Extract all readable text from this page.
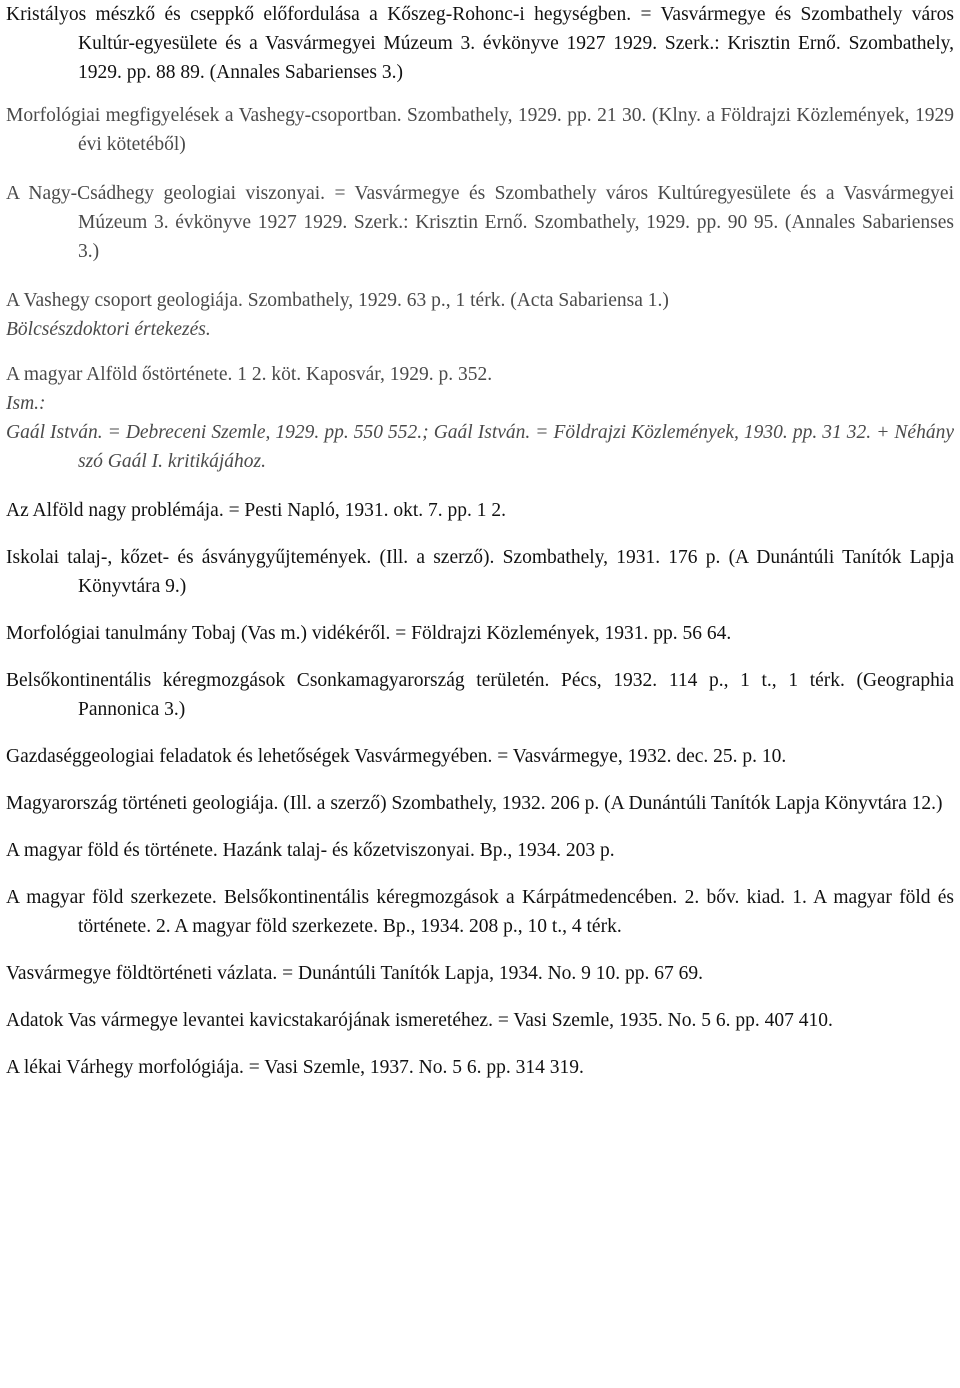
Kristályos mészkő és cseppkő előfordulása a Kőszeg-Rohonc-i hegységben. = Vasvármegye és Szombathely város Kultúr-egyesülete és a Vasvármegyei Múzeum 3. évkönyve 1927 1929. Szerk.: Krisztin Ernő. Szombathely, 1929. pp. 88 89. (Annales Sabarienses 3.)

Morfológiai megfigyelések a Vashegy-csoportban. Szombathely, 1929. pp. 21 30. (Klny. a Földrajzi Közlemények, 1929 évi kötetéből)

A Nagy-Csádhegy geologiai viszonyai. = Vasvármegye és Szombathely város Kultúregyesülete és a Vasvármegyei Múzeum 3. évkönyve 1927 1929. Szerk.: Krisztin Ernő. Szombathely, 1929. pp. 90 95. (Annales Sabarienses 3.)

A Vashegy csoport geologiája. Szombathely, 1929. 63 p., 1 térk. (Acta Sabariensa 1.)
Bölcsészdoktori értekezés.
A magyar Alföld őstörténete. 1 2. köt. Kaposvár, 1929. p. 352.
Ism.:
Gaál István. = Debreceni Szemle, 1929. pp. 550 552.; Gaál István. = Földrajzi Közlemények, 1930. pp. 31 32. + Néhány szó Gaál I. kritikájához.

Az Alföld nagy problémája. = Pesti Napló, 1931. okt. 7. pp. 1 2.

Iskolai talaj-, kőzet- és ásványgyűjtemények. (Ill. a szerző). Szombathely, 1931. 176 p. (A Dunántúli Tanítók Lapja Könyvtára 9.)

Morfológiai tanulmány Tobaj (Vas m.) vidékéről. = Földrajzi Közlemények, 1931. pp. 56 64.

Belsőkontinentális kéregmozgások Csonkamagyarország területén. Pécs, 1932. 114 p., 1 t., 1 térk. (Geographia Pannonica 3.)

Gazdaséggeologiai feladatok és lehetőségek Vasvármegyében. = Vasvármegye, 1932. dec. 25. p. 10.

Magyarország történeti geologiája. (Ill. a szerző) Szombathely, 1932. 206 p. (A Dunántúli Tanítók Lapja Könyvtára 12.)

A magyar föld és története. Hazánk talaj- és kőzetviszonyai. Bp., 1934. 203 p.

A magyar föld szerkezete. Belsőkontinentális kéregmozgások a Kárpátmedencében. 2. bőv. kiad. 1. A magyar föld és története. 2. A magyar föld szerkezete. Bp., 1934. 208 p., 10 t., 4 térk.

Vasvármegye földtörténeti vázlata. = Dunántúli Tanítók Lapja, 1934. No. 9 10. pp. 67 69.

Adatok Vas vármegye levantei kavicstakarójának ismeretéhez. = Vasi Szemle, 1935. No. 5 6. pp. 407 410.

A lékai Várhegy morfológiája. = Vasi Szemle, 1937. No. 5 6. pp. 314 319.
